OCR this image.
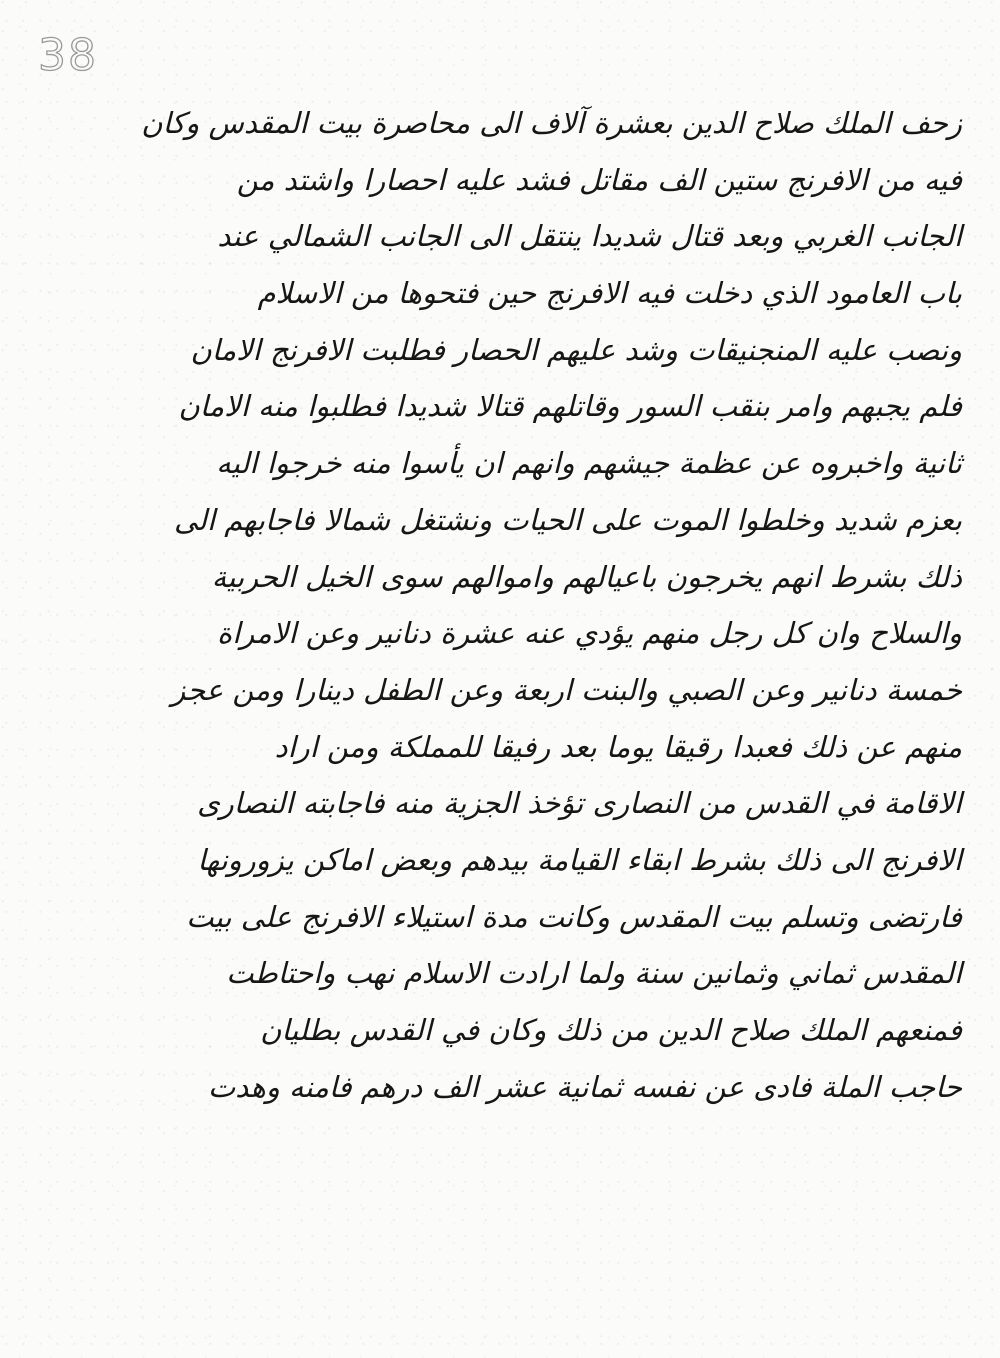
38
زحف الملك صلاح الدين بعشرة آلاف الى محاصرة بيت المقدس وكان
فيه من الافرنج ستين الف مقاتل فشد عليه احصارا واشتد من
الجانب الغربي وبعد قتال شديدا ينتقل الى الجانب الشمالي عند
باب العامود الذي دخلت فيه الافرنج حين فتحوها من الاسلام
ونصب عليه المنجنيقات وشد عليهم الحصار فطلبت الافرنج الامان
فلم يجبهم وامر بنقب السور وقاتلهم قتالا شديدا فطلبوا منه الامان
ثانية واخبروه عن عظمة جيشهم وانهم ان يأسوا منه خرجوا اليه
بعزم شديد وخلطوا الموت على الحيات ونشتغل شمالا فاجابهم الى
ذلك بشرط انهم يخرجون باعيالهم واموالهم سوى الخيل الحربية
والسلاح وان كل رجل منهم يؤدي عنه عشرة دنانير وعن الامراة
خمسة دنانير وعن الصبي والبنت اربعة وعن الطفل دينارا ومن عجز
منهم عن ذلك فعبدا رقيقا يوما بعد رفيقا للمملكة ومن اراد
الاقامة في القدس من النصارى تؤخذ الجزية منه فاجابته النصارى
الافرنج الى ذلك بشرط ابقاء القيامة بيدهم وبعض اماكن يزورونها
فارتضى وتسلم بيت المقدس وكانت مدة استيلاء الافرنج على بيت
المقدس ثماني وثمانين سنة ولما ارادت الاسلام نهب واحتاطت
فمنعهم الملك صلاح الدين من ذلك وكان في القدس بطليان
حاجب الملة فادى عن نفسه ثمانية عشر الف درهم فامنه وهدت
